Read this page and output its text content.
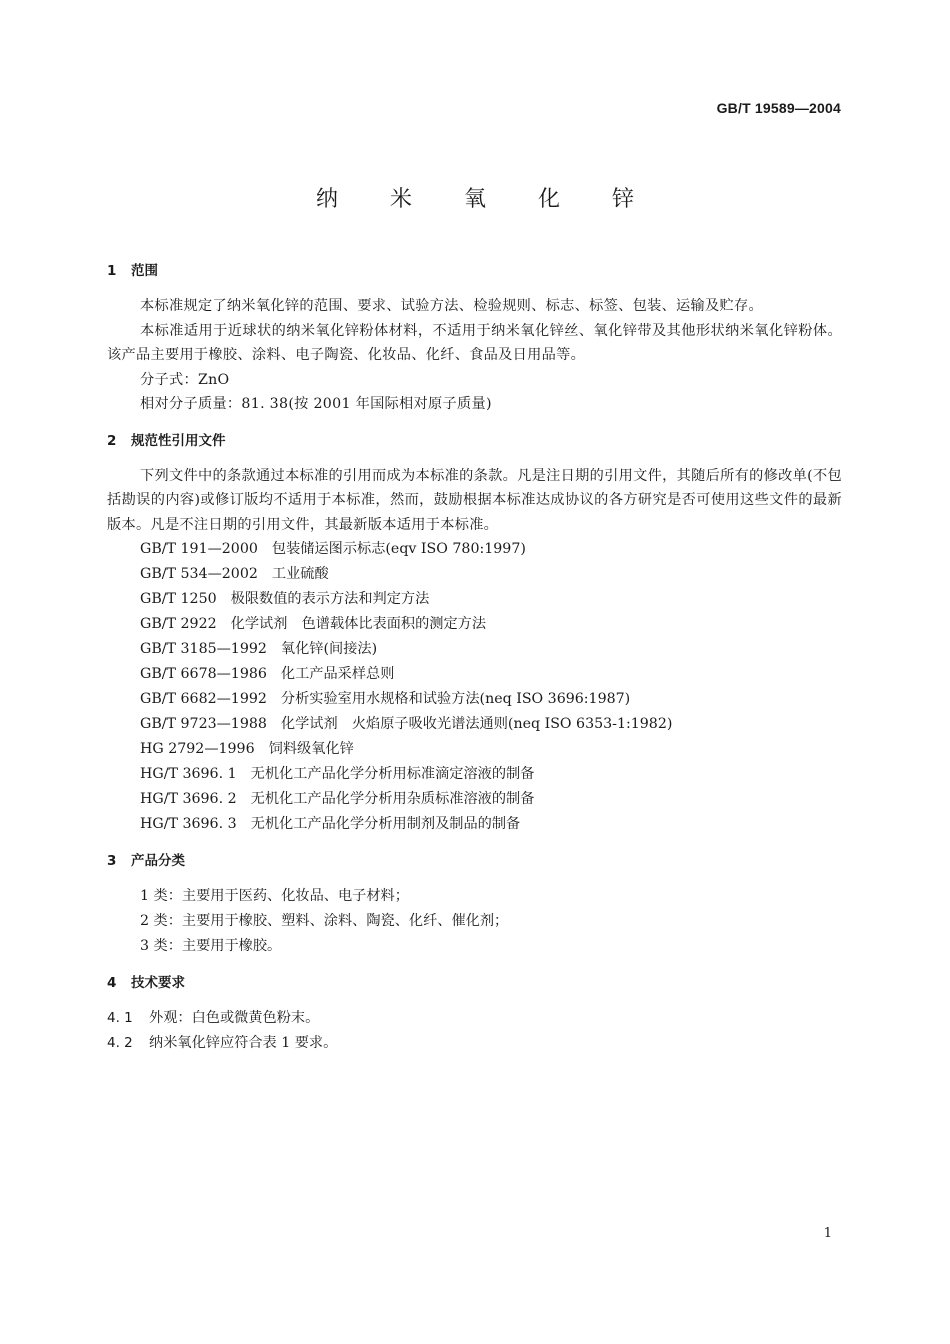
GB/T 19589—2004
纳米氧化锌
1 范围
本标准规定了纳米氧化锌的范围、要求、试验方法、检验规则、标志、标签、包装、运输及贮存。
本标准适用于近球状的纳米氧化锌粉体材料，不适用于纳米氧化锌丝、氧化锌带及其他形状纳米氧化锌粉体。该产品主要用于橡胶、涂料、电子陶瓷、化妆品、化纤、食品及日用品等。
分子式：ZnO
相对分子质量：81. 38(按 2001 年国际相对原子质量)
2 规范性引用文件
下列文件中的条款通过本标准的引用而成为本标准的条款。凡是注日期的引用文件，其随后所有的修改单(不包括勘误的内容)或修订版均不适用于本标准，然而，鼓励根据本标准达成协议的各方研究是否可使用这些文件的最新版本。凡是不注日期的引用文件，其最新版本适用于本标准。
GB/T 191—2000 包装储运图示标志(eqv ISO 780:1997)
GB/T 534—2002 工业硫酸
GB/T 1250 极限数值的表示方法和判定方法
GB/T 2922 化学试剂　色谱载体比表面积的测定方法
GB/T 3185—1992 氧化锌(间接法)
GB/T 6678—1986 化工产品采样总则
GB/T 6682—1992 分析实验室用水规格和试验方法(neq ISO 3696:1987)
GB/T 9723—1988 化学试剂　火焰原子吸收光谱法通则(neq ISO 6353-1:1982)
HG 2792—1996 饲料级氧化锌
HG/T 3696. 1 无机化工产品化学分析用标准滴定溶液的制备
HG/T 3696. 2 无机化工产品化学分析用杂质标准溶液的制备
HG/T 3696. 3 无机化工产品化学分析用制剂及制品的制备
3 产品分类
1 类：主要用于医药、化妆品、电子材料；
2 类：主要用于橡胶、塑料、涂料、陶瓷、化纤、催化剂；
3 类：主要用于橡胶。
4 技术要求
4. 1 外观：白色或微黄色粉末。
4. 2 纳米氧化锌应符合表 1 要求。
1
